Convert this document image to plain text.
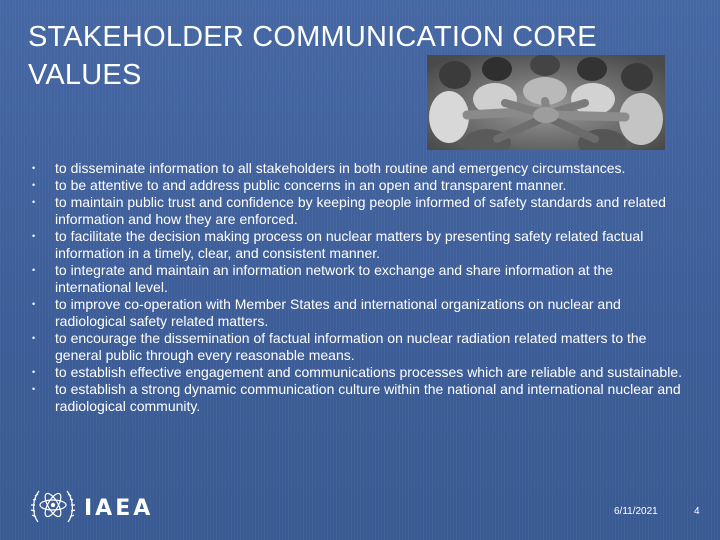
STAKEHOLDER COMMUNICATION CORE VALUES
• to disseminate information to all stakeholders in both routine and emergency circumstances.
• to be attentive to and address public concerns in an open and transparent manner.
• to maintain public trust and confidence by keeping people informed of safety standards and related information and how they are enforced.
• to facilitate the decision making process on nuclear matters by presenting safety related factual information in a timely, clear, and consistent manner.
• to integrate and maintain an information network to exchange and share information at the international level.
• to improve co-operation with Member States and international organizations on nuclear and radiological safety related matters.
• to encourage the dissemination of factual information on nuclear radiation related matters to the general public through every reasonable means.
• to establish effective engagement and communications processes which are reliable and sustainable.
• to establish a strong dynamic communication culture within the national and international nuclear and radiological community.
IAEA	6/11/2021	4
